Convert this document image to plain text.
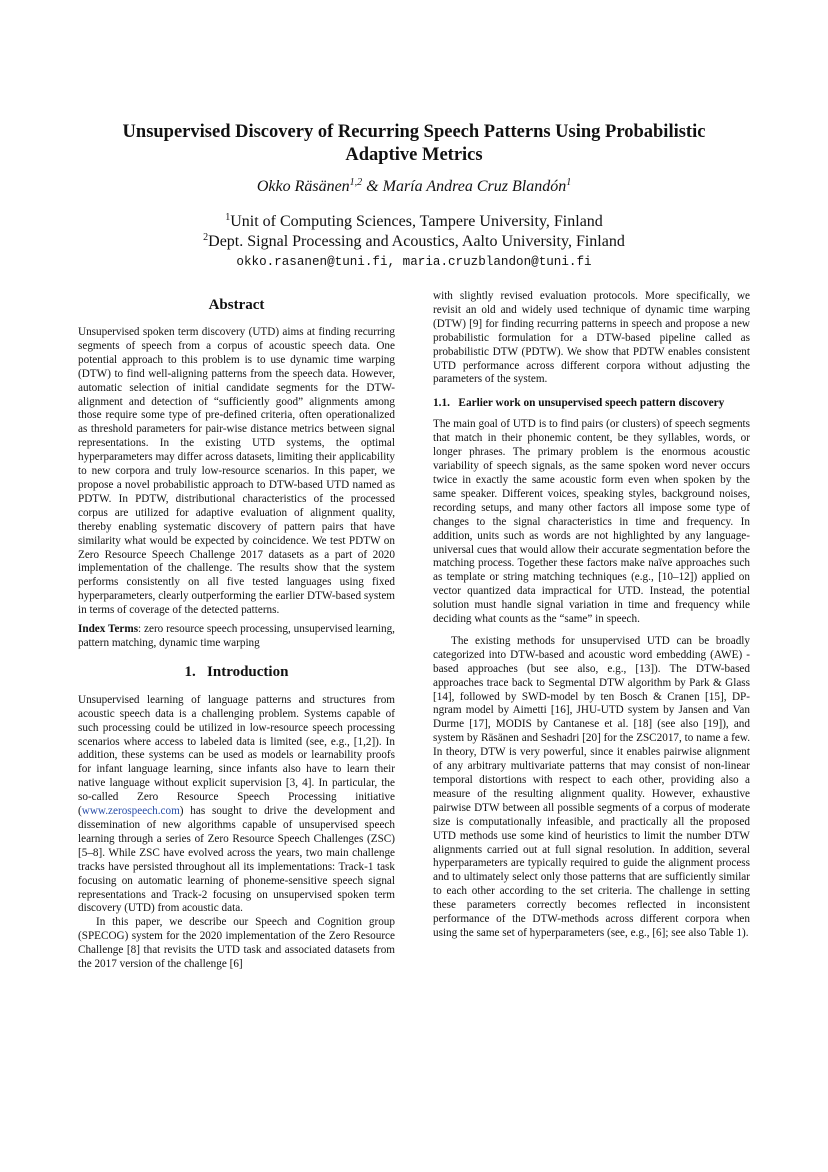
Unsupervised Discovery of Recurring Speech Patterns Using Probabilistic
Adaptive Metrics
Okko Räsänen$^{1,2}$ & María Andrea Cruz Blandón$^1$
$^1$Unit of Computing Sciences, Tampere University, Finland
$^2$Dept. Signal Processing and Acoustics, Aalto University, Finland
okko.rasanen@tuni.fi, maria.cruzblandon@tuni.fi
Abstract

Unsupervised spoken term discovery (UTD) aims at finding recurring segments of speech from a corpus of acoustic speech data. One potential approach to this problem is to use dynamic time warping (DTW) to find well-aligning patterns from the speech data. However, automatic selection of initial candidate segments for the DTW-alignment and detection of “sufficiently good” alignments among those require some type of pre-defined criteria, often operationalized as threshold parameters for pair-wise distance metrics between signal representations. In the existing UTD systems, the optimal hyperparameters may differ across datasets, limiting their applicability to new corpora and truly low-resource scenarios. In this paper, we propose a novel probabilistic approach to DTW-based UTD named as PDTW. In PDTW, distributional characteristics of the processed corpus are utilized for adaptive evaluation of alignment quality, thereby enabling systematic discovery of pattern pairs that have similarity what would be expected by coincidence. We test PDTW on Zero Resource Speech Challenge 2017 datasets as a part of 2020 implementation of the challenge. The results show that the system performs consistently on all five tested languages using fixed hyperparameters, clearly outperforming the earlier DTW-based system in terms of coverage of the detected patterns.

Index Terms: zero resource speech processing, unsupervised learning, pattern matching, dynamic time warping

1.   Introduction

Unsupervised learning of language patterns and structures from acoustic speech data is a challenging problem. Systems capable of such processing could be utilized in low-resource speech processing scenarios where access to labeled data is limited (see, e.g., [1,2]). In addition, these systems can be used as models or learnability proofs for infant language learning, since infants also have to learn their native language without explicit supervision [3, 4]. In particular, the so-called Zero Resource Speech Processing initiative (www.zerospeech.com) has sought to drive the development and dissemination of new algorithms capable of unsupervised speech learning through a series of Zero Resource Speech Challenges (ZSC) [5–8]. While ZSC have evolved across the years, two main challenge tracks have persisted throughout all its implementations: Track-1 task focusing on automatic learning of phoneme-sensitive speech signal representations and Track-2 focusing on unsupervised spoken term discovery (UTD) from acoustic data.

In this paper, we describe our Speech and Cognition group (SPECOG) system for the 2020 implementation of the Zero Resource Challenge [8] that revisits the UTD task and associated datasets from the 2017 version of the challenge [6]

with slightly revised evaluation protocols. More specifically, we revisit an old and widely used technique of dynamic time warping (DTW) [9] for finding recurring patterns in speech and propose a new probabilistic formulation for a DTW-based pipeline called as probabilistic DTW (PDTW). We show that PDTW enables consistent UTD performance across different corpora without adjusting the parameters of the system.

1.1.   Earlier work on unsupervised speech pattern discovery

The main goal of UTD is to find pairs (or clusters) of speech segments that match in their phonemic content, be they syllables, words, or longer phrases. The primary problem is the enormous acoustic variability of speech signals, as the same spoken word never occurs twice in exactly the same acoustic form even when spoken by the same speaker. Different voices, speaking styles, background noises, recording setups, and many other factors all impose some type of changes to the signal characteristics in time and frequency. In addition, units such as words are not highlighted by any language-universal cues that would allow their accurate segmentation before the matching process. Together these factors make naïve approaches such as template or string matching techniques (e.g., [10–12]) applied on vector quantized data impractical for UTD. Instead, the potential solution must handle signal variation in time and frequency while deciding what counts as the “same” in speech.

The existing methods for unsupervised UTD can be broadly categorized into DTW-based and acoustic word embedding (AWE) -based approaches (but see also, e.g., [13]). The DTW-based approaches trace back to Segmental DTW algorithm by Park & Glass [14], followed by SWD-model by ten Bosch & Cranen [15], DP-ngram model by Aimetti [16], JHU-UTD system by Jansen and Van Durme [17], MODIS by Cantanese et al. [18] (see also [19]), and system by Räsänen and Seshadri [20] for the ZSC2017, to name a few. In theory, DTW is very powerful, since it enables pairwise alignment of any arbitrary multivariate patterns that may consist of non-linear temporal distortions with respect to each other, providing also a measure of the resulting alignment quality. However, exhaustive pairwise DTW between all possible segments of a corpus of moderate size is computationally infeasible, and practically all the proposed UTD methods use some kind of heuristics to limit the number DTW alignments carried out at full signal resolution. In addition, several hyperparameters are typically required to guide the alignment process and to ultimately select only those patterns that are sufficiently similar to each other according to the set criteria. The challenge in setting these parameters correctly becomes reflected in inconsistent performance of the DTW-methods across different corpora when using the same set of hyperparameters (see, e.g., [6]; see also Table 1).
